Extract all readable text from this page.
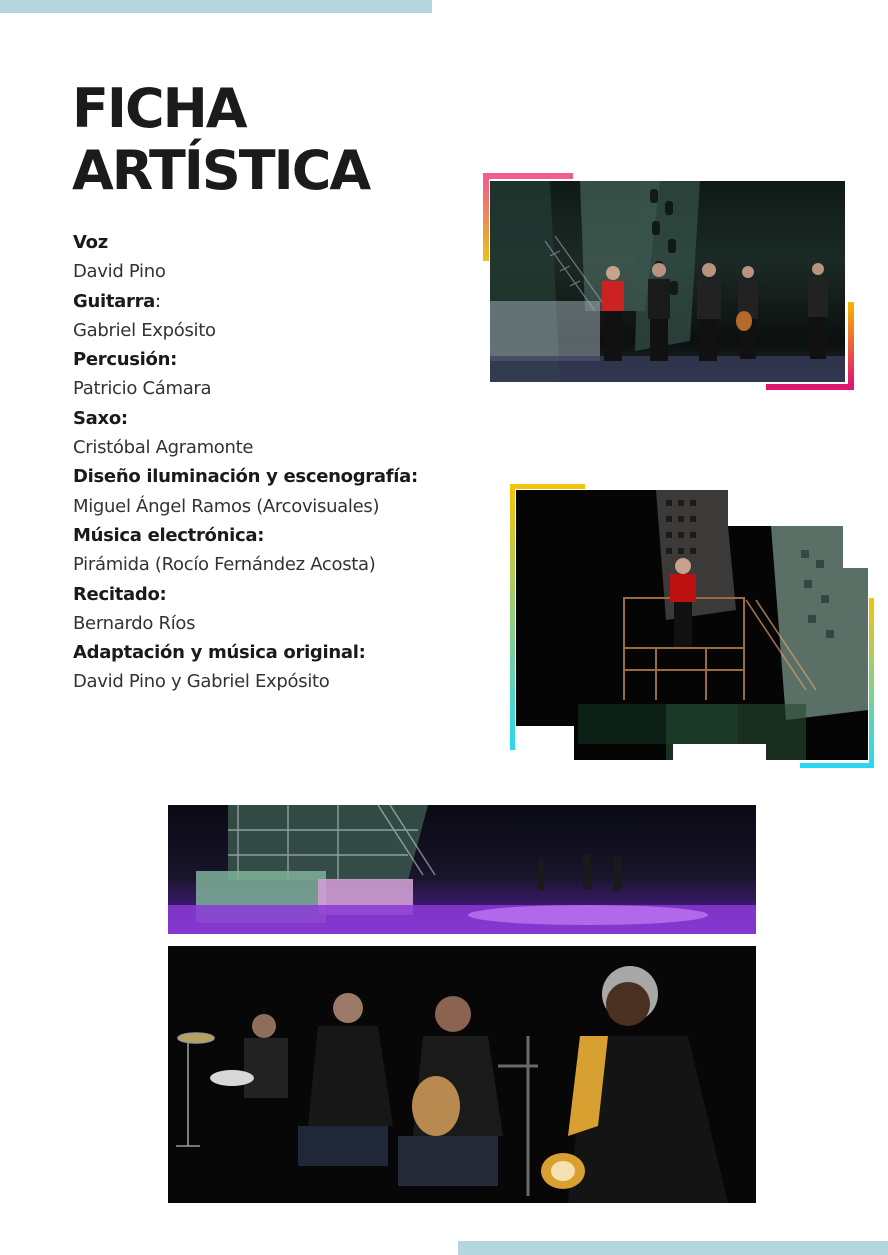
FICHA
ARTÍSTICA
Voz
David Pino
Guitarra:
Gabriel Expósito
Percusión:
Patricio Cámara
Saxo:
Cristóbal Agramonte
Diseño iluminación y escenografía:
Miguel Ángel Ramos (Arcovisuales)
Música electrónica:
Pirámida (Rocío Fernández Acosta)
Recitado:
Bernardo Ríos
Adaptación y música original:
David Pino y Gabriel Expósito
